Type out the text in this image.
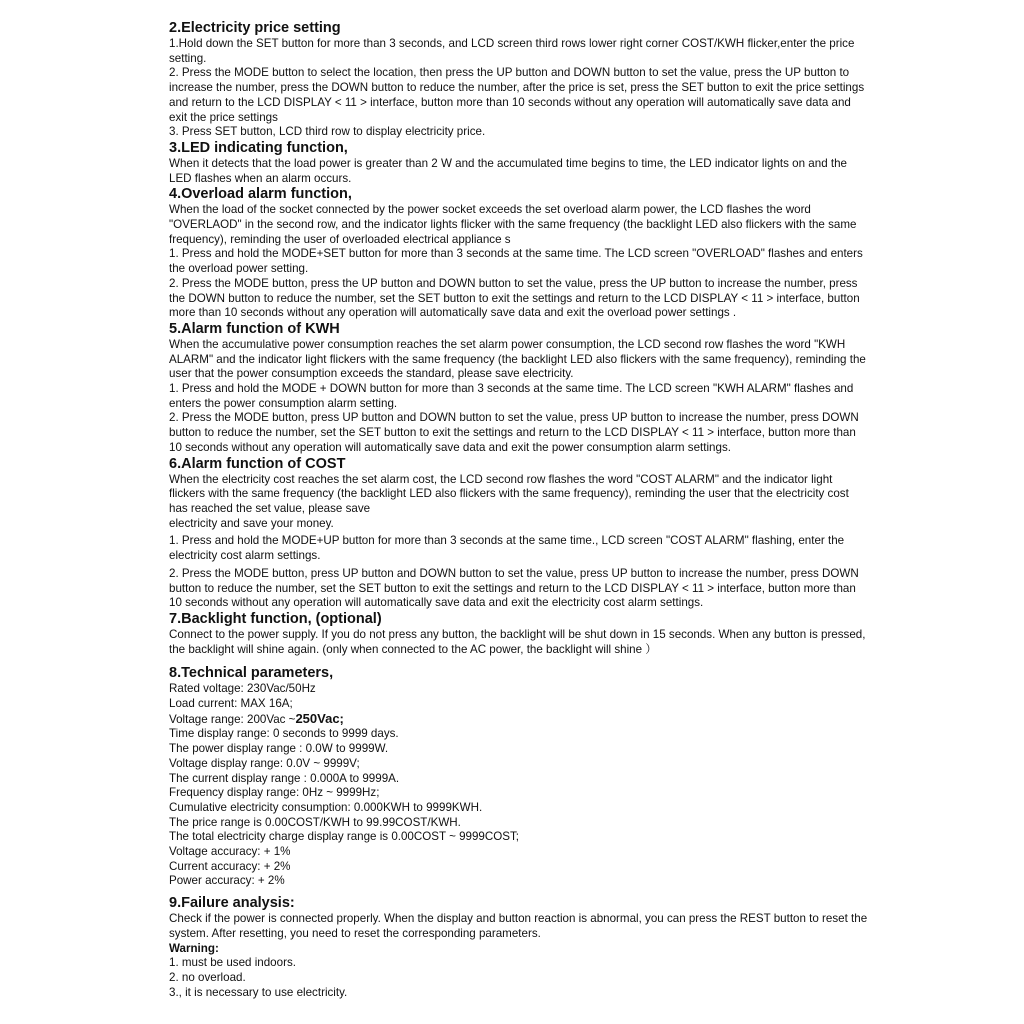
2.Electricity price setting

1.Hold down the SET button for more than 3 seconds, and LCD screen third rows lower right corner COST/KWH flicker,enter the price setting.

2. Press the MODE button to select the location, then press the UP button and DOWN button to set the value, press the UP button to increase the number, press the DOWN button to reduce the number, after the price is set, press the SET button to exit the price settings and return to the LCD DISPLAY < 11 > interface, button more than 10 seconds without any operation will automatically save data and exit the price settings

3. Press SET button, LCD third row to display electricity price.

3.LED indicating function,

When it detects that the load power is greater than 2 W and the accumulated time begins to time, the LED indicator lights on and the LED flashes when an alarm occurs.

4.Overload alarm function,

When the load of the socket connected by the power socket exceeds the set overload alarm power, the LCD flashes the word "OVERLAOD" in the second row, and the indicator lights flicker with the same frequency (the backlight LED also flickers with the same frequency), reminding the user of overloaded electrical appliance s

1. Press and hold the MODE+SET button for more than 3 seconds at the same time. The LCD screen "OVERLOAD" flashes and enters the overload power setting.

2. Press the MODE button, press the UP button and DOWN button to set the value, press the UP button to increase the number, press the DOWN button to reduce the number, set the SET button to exit the settings and return to the LCD DISPLAY < 11 > interface, button more than 10 seconds without any operation will automatically save data and exit the overload power settings .

5.Alarm function of KWH

When the accumulative power consumption reaches the set alarm power consumption, the LCD second row flashes the word "KWH ALARM" and the indicator light flickers with the same frequency (the backlight LED also flickers with the same frequency), reminding the user that the power consumption exceeds the standard, please save electricity.

1. Press and hold the MODE + DOWN button for more than 3 seconds at the same time. The LCD screen "KWH ALARM" flashes and enters the power consumption alarm setting.

2. Press the MODE button, press UP button and DOWN button to set the value, press UP button to increase the number, press DOWN button to reduce the number, set the SET button to exit the settings and return to the LCD DISPLAY < 11 > interface, button more than 10 seconds without any operation will automatically save data and exit the power consumption alarm settings.

6.Alarm function of COST

When the electricity cost reaches the set alarm cost, the LCD second row flashes the word "COST ALARM" and the indicator light flickers with the same frequency (the backlight LED also flickers with the same frequency), reminding the user that the electricity cost has reached the set value, please save

electricity and save your money.

1. Press and hold the MODE+UP button for more than 3 seconds at the same time., LCD screen "COST ALARM" flashing, enter the electricity cost alarm settings.

2. Press the MODE button, press UP button and DOWN button to set the value, press UP button to increase the number, press DOWN button to reduce the number, set the SET button to exit the settings and return to the LCD DISPLAY < 11 > interface, button more than 10 seconds without any operation will automatically save data and exit the electricity cost alarm settings.

7.Backlight function, (optional)

Connect to the power supply. If you do not press any button, the backlight will be shut down in 15 seconds. When any button is pressed, the backlight will shine again. (only when connected to the AC power, the backlight will shine ）

8.Technical parameters,

Rated voltage: 230Vac/50Hz

Load current: MAX 16A;

Voltage range: 200Vac ~250Vac;

Time display range: 0 seconds to 9999 days.

The power display range : 0.0W to 9999W.

Voltage display range: 0.0V ~ 9999V;

The current display range : 0.000A to 9999A.

Frequency display range: 0Hz ~ 9999Hz;

Cumulative electricity consumption: 0.000KWH to 9999KWH.

The price range is 0.00COST/KWH to 99.99COST/KWH.

The total electricity charge display range is 0.00COST ~ 9999COST;

Voltage accuracy: + 1%

Current accuracy: + 2%

Power accuracy: + 2%

9.Failure analysis:

Check if the power is connected properly. When the display and button reaction is abnormal, you can press the REST button to reset the system. After resetting, you need to reset the corresponding parameters.

Warning:

1. must be used indoors.

2. no overload.

3., it is necessary to use electricity.
